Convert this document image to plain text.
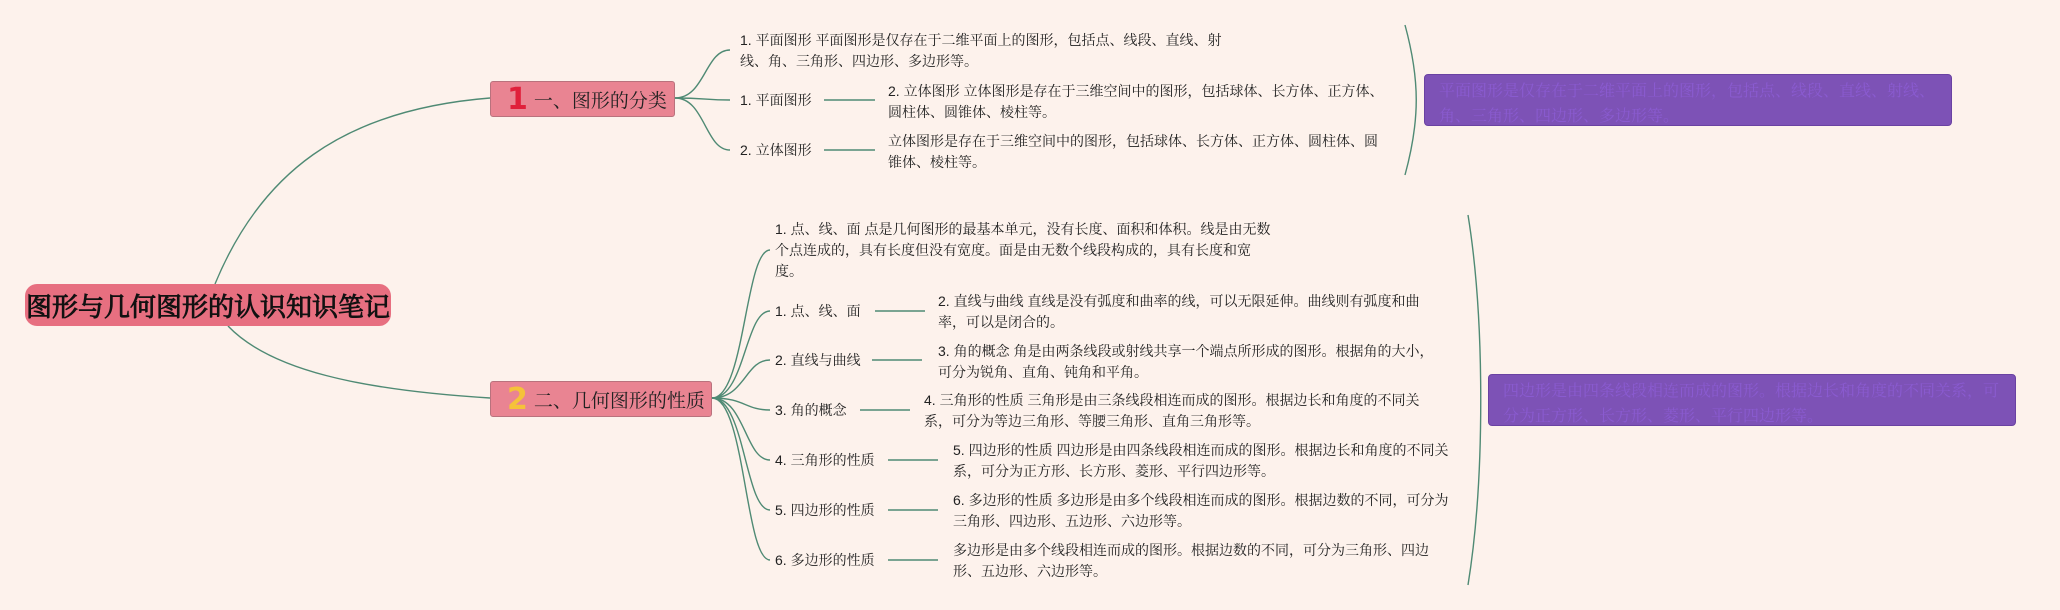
图形与几何图形的认识知识笔记
1 一、图形的分类
1. 平面图形 平面图形是仅存在于二维平面上的图形，包括点、线段、直线、射线、角、三角形、四边形、多边形等。
1. 平面图形
2. 立体图形 立体图形是存在于三维空间中的图形，包括球体、长方体、正方体、圆柱体、圆锥体、棱柱等。
2. 立体图形
立体图形是存在于三维空间中的图形，包括球体、长方体、正方体、圆柱体、圆锥体、棱柱等。
平面图形是仅存在于二维平面上的图形，包括点、线段、直线、射线、角、三角形、四边形、多边形等。
2 二、几何图形的性质
1. 点、线、面 点是几何图形的最基本单元，没有长度、面积和体积。线是由无数个点连成的，具有长度但没有宽度。面是由无数个线段构成的，具有长度和宽度。
1. 点、线、面
2. 直线与曲线 直线是没有弧度和曲率的线，可以无限延伸。曲线则有弧度和曲率，可以是闭合的。
2. 直线与曲线
3. 角的概念 角是由两条线段或射线共享一个端点所形成的图形。根据角的大小，可分为锐角、直角、钝角和平角。
3. 角的概念
4. 三角形的性质 三角形是由三条线段相连而成的图形。根据边长和角度的不同关系，可分为等边三角形、等腰三角形、直角三角形等。
4. 三角形的性质
5. 四边形的性质 四边形是由四条线段相连而成的图形。根据边长和角度的不同关系，可分为正方形、长方形、菱形、平行四边形等。
5. 四边形的性质
6. 多边形的性质 多边形是由多个线段相连而成的图形。根据边数的不同，可分为三角形、四边形、五边形、六边形等。
6. 多边形的性质
多边形是由多个线段相连而成的图形。根据边数的不同，可分为三角形、四边形、五边形、六边形等。
四边形是由四条线段相连而成的图形。根据边长和角度的不同关系，可分为正方形、长方形、菱形、平行四边形等。
